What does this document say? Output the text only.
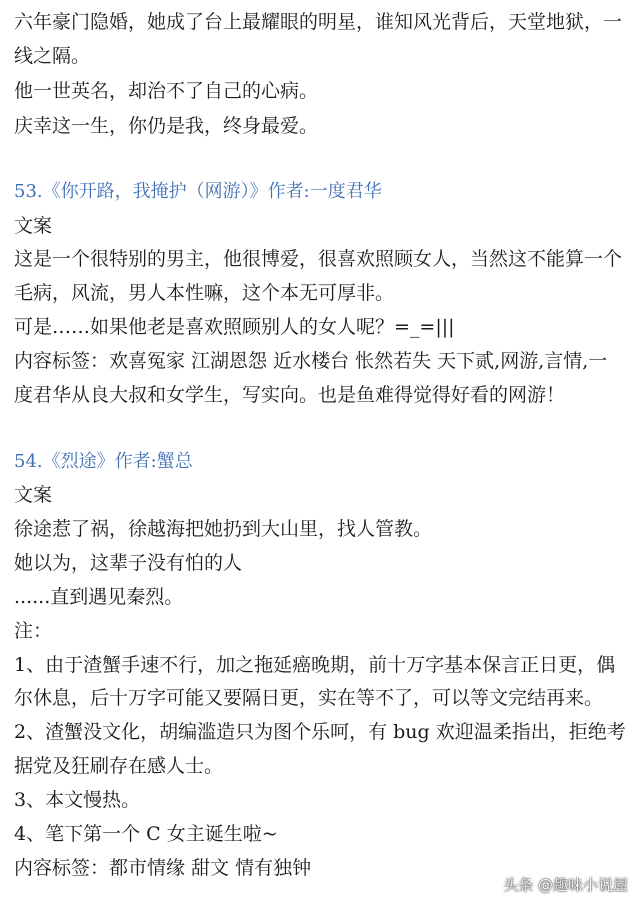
六年豪门隐婚，她成了台上最耀眼的明星，谁知风光背后，天堂地狱，一
线之隔。
他一世英名，却治不了自己的心病。
庆幸这一生，你仍是我，终身最爱。
53.《你开路，我掩护（网游）》作者:一度君华
文案
这是一个很特别的男主，他很博爱，很喜欢照顾女人，当然这不能算一个
毛病，风流，男人本性嘛，这个本无可厚非。
可是……如果他老是喜欢照顾别人的女人呢？=_=|||
内容标签：欢喜冤家 江湖恩怨 近水楼台 怅然若失 天下贰,网游,言情,一
度君华从良大叔和女学生，写实向。也是鱼难得觉得好看的网游！
54.《烈途》作者:蟹总
文案
徐途惹了祸，徐越海把她扔到大山里，找人管教。
她以为，这辈子没有怕的人
......直到遇见秦烈。
注：
1、由于渣蟹手速不行，加之拖延癌晚期，前十万字基本保言正日更，偶
尔休息，后十万字可能又要隔日更，实在等不了，可以等文完结再来。
2、渣蟹没文化，胡编滥造只为图个乐呵，有 bug 欢迎温柔指出，拒绝考
据党及狂刷存在感人士。
3、本文慢热。
4、笔下第一个 C 女主诞生啦~
内容标签：都市情缘 甜文 情有独钟
头条 @趣味小说屋
